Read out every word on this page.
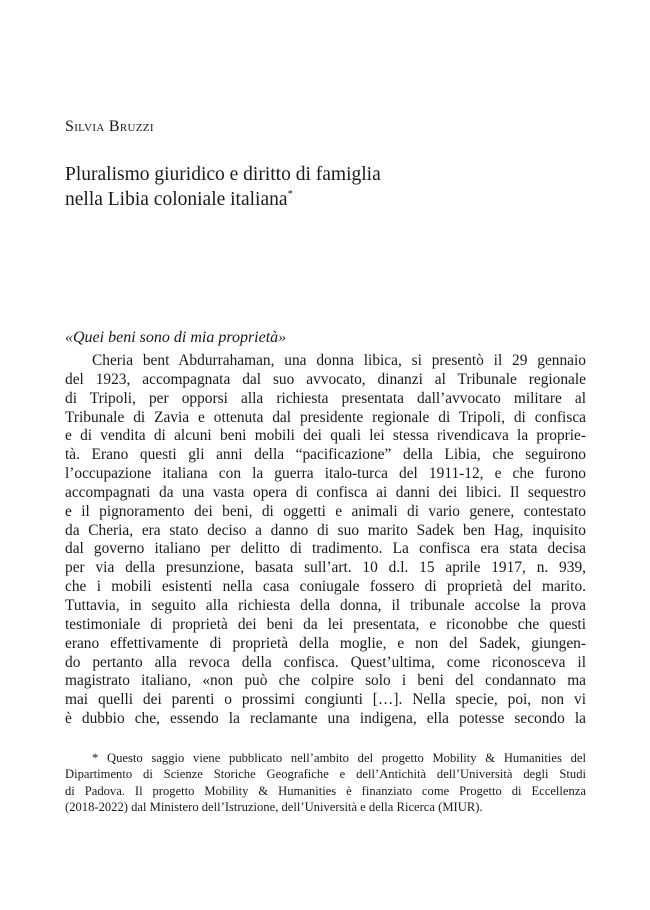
Silvia Bruzzi
Pluralismo giuridico e diritto di famiglia
nella Libia coloniale italiana*
«Quei beni sono di mia proprietà»
Cheria bent Abdurrahaman, una donna libica, si presentò il 29 gennaio
del 1923, accompagnata dal suo avvocato, dinanzi al Tribunale regionale
di Tripoli, per opporsi alla richiesta presentata dall’avvocato militare al
Tribunale di Zavia e ottenuta dal presidente regionale di Tripoli, di confisca
e di vendita di alcuni beni mobili dei quali lei stessa rivendicava la proprie-
tà. Erano questi gli anni della “pacificazione” della Libia, che seguirono
l’occupazione italiana con la guerra italo-turca del 1911-12, e che furono
accompagnati da una vasta opera di confisca ai danni dei libici. Il sequestro
e il pignoramento dei beni, di oggetti e animali di vario genere, contestato
da Cheria, era stato deciso a danno di suo marito Sadek ben Hag, inquisito
dal governo italiano per delitto di tradimento. La confisca era stata decisa
per via della presunzione, basata sull’art. 10 d.l. 15 aprile 1917, n. 939,
che i mobili esistenti nella casa coniugale fossero di proprietà del marito.
Tuttavia, in seguito alla richiesta della donna, il tribunale accolse la prova
testimoniale di proprietà dei beni da lei presentata, e riconobbe che questi
erano effettivamente di proprietà della moglie, e non del Sadek, giungen-
do pertanto alla revoca della confisca. Quest’ultima, come riconosceva il
magistrato italiano, «non può che colpire solo i beni del condannato ma
mai quelli dei parenti o prossimi congiunti […]. Nella specie, poi, non vi
è dubbio che, essendo la reclamante una indigena, ella potesse secondo la
* Questo saggio viene pubblicato nell’ambito del progetto Mobility & Humanities del
Dipartimento di Scienze Storiche Geografiche e dell’Antichità dell’Università degli Studi
di Padova. Il progetto Mobility & Humanities è finanziato come Progetto di Eccellenza
(2018-2022) dal Ministero dell’Istruzione, dell’Università e della Ricerca (MIUR).
